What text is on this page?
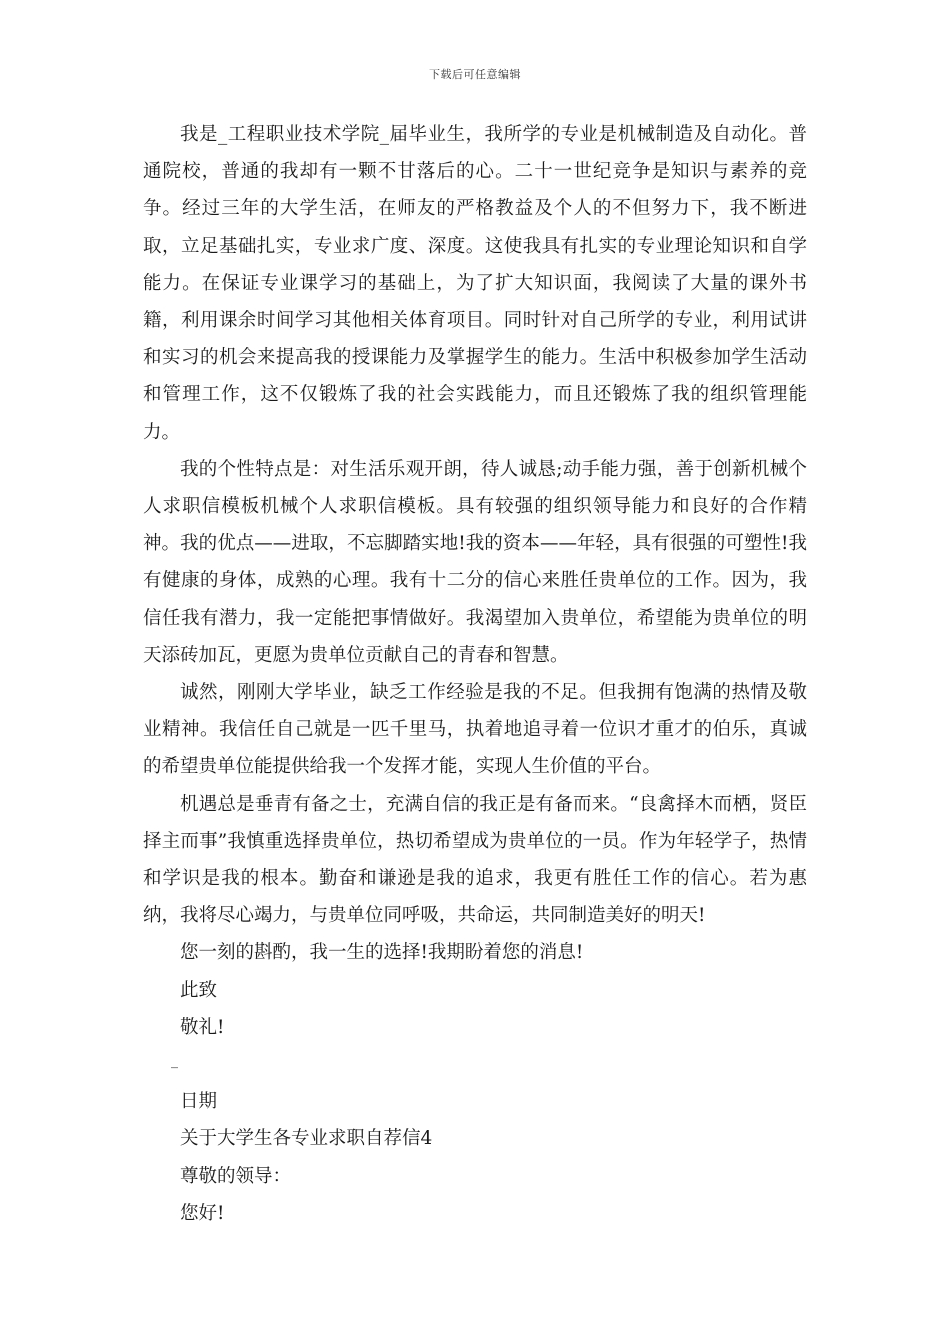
下载后可任意编辑

我是_工程职业技术学院_届毕业生，我所学的专业是机械制造及自动化。普通院校，普通的我却有一颗不甘落后的心。二十一世纪竞争是知识与素养的竞争。经过三年的大学生活，在师友的严格教益及个人的不但努力下，我不断进取，立足基础扎实，专业求广度、深度。这使我具有扎实的专业理论知识和自学能力。在保证专业课学习的基础上，为了扩大知识面，我阅读了大量的课外书籍，利用课余时间学习其他相关体育项目。同时针对自己所学的专业，利用试讲和实习的机会来提高我的授课能力及掌握学生的能力。生活中积极参加学生活动和管理工作，这不仅锻炼了我的社会实践能力，而且还锻炼了我的组织管理能力。

我的个性特点是：对生活乐观开朗，待人诚恳;动手能力强，善于创新机械个人求职信模板机械个人求职信模板。具有较强的组织领导能力和良好的合作精神。我的优点——进取，不忘脚踏实地!我的资本——年轻，具有很强的可塑性!我有健康的身体，成熟的心理。我有十二分的信心来胜任贵单位的工作。因为，我信任我有潜力，我一定能把事情做好。我渴望加入贵单位，希望能为贵单位的明天添砖加瓦，更愿为贵单位贡献自己的青春和智慧。

诚然，刚刚大学毕业，缺乏工作经验是我的不足。但我拥有饱满的热情及敬业精神。我信任自己就是一匹千里马，执着地追寻着一位识才重才的伯乐，真诚的希望贵单位能提供给我一个发挥才能，实现人生价值的平台。

机遇总是垂青有备之士，充满自信的我正是有备而来。“良禽择木而栖，贤臣择主而事”我慎重选择贵单位，热切希望成为贵单位的一员。作为年轻学子，热情和学识是我的根本。勤奋和谦逊是我的追求，我更有胜任工作的信心。若为惠纳，我将尽心竭力，与贵单位同呼吸，共命运，共同制造美好的明天!

您一刻的斟酌，我一生的选择!我期盼着您的消息!

此致

敬礼!

_

日期

关于大学生各专业求职自荐信4

尊敬的领导：

您好!
